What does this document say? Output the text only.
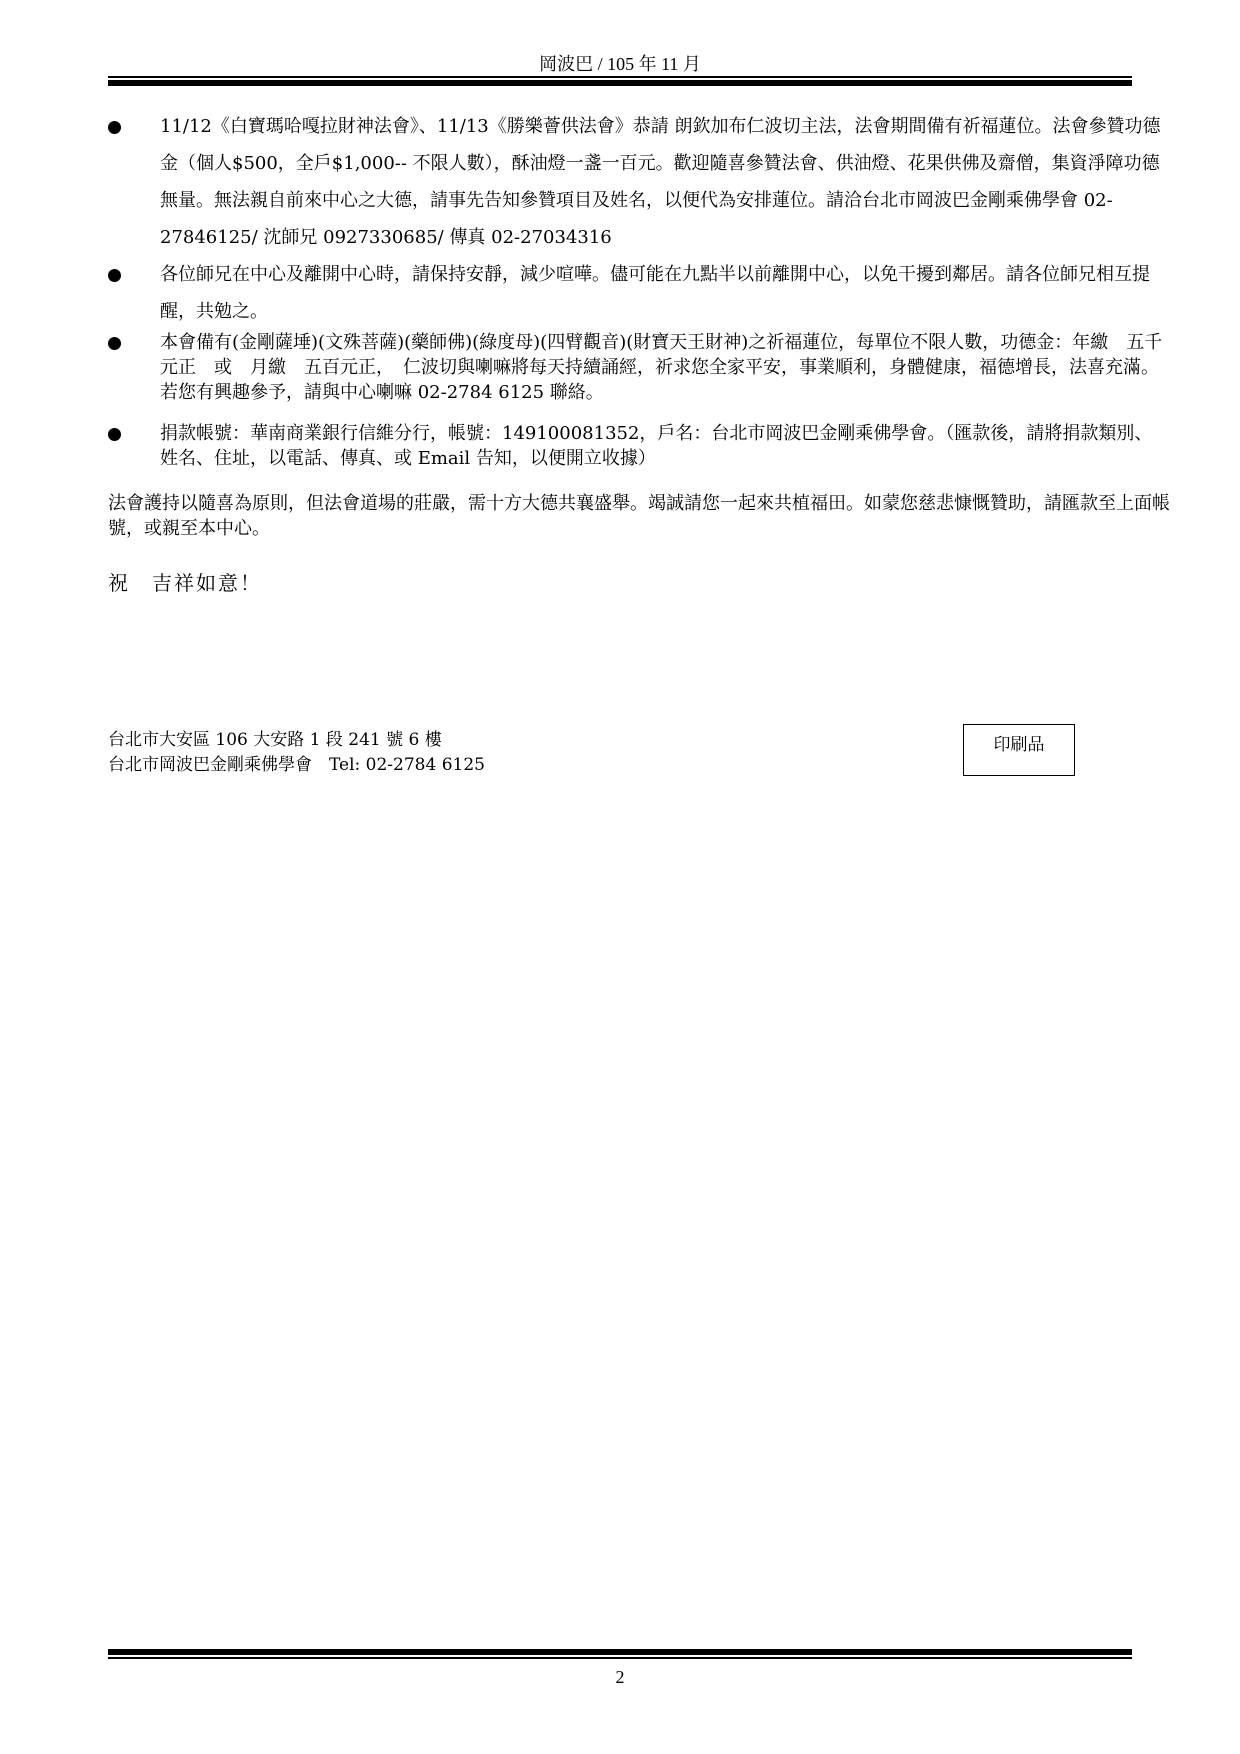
岡波巴 / 105 年 11 月
11/12《白寶瑪哈嘎拉財神法會》、11/13《勝樂薈供法會》恭請 朗欽加布仁波切主法，法會期間備有祈福蓮位。法會參贊功德金（個人$500，全戶$1,000-- 不限人數），酥油燈一盞一百元。歡迎隨喜參贊法會、供油燈、花果供佛及齋僧，集資淨障功德無量。無法親自前來中心之大德，請事先告知參贊項目及姓名，以便代為安排蓮位。請洽台北市岡波巴金剛乘佛學會 02-27846125/ 沈師兄 0927330685/ 傳真 02-27034316
各位師兄在中心及離開中心時，請保持安靜，減少喧嘩。儘可能在九點半以前離開中心，以免干擾到鄰居。請各位師兄相互提醒，共勉之。
本會備有(金剛薩埵)(文殊菩薩)(藥師佛)(綠度母)(四臂觀音)(財寶天王財神)之祈福蓮位，每單位不限人數，功德金：年繳　五千元正　或　月繳　五百元正，　仁波切與喇嘛將每天持續誦經，祈求您全家平安，事業順利，身體健康，福德增長，法喜充滿。若您有興趣參予，請與中心喇嘛 02-2784 6125 聯絡。
捐款帳號：華南商業銀行信維分行，帳號：149100081352，戶名：台北市岡波巴金剛乘佛學會。（匯款後，請將捐款類別、姓名、住址，以電話、傳真、或 Email 告知，以便開立收據）
法會護持以隨喜為原則，但法會道場的莊嚴，需十方大德共襄盛舉。竭誠請您一起來共植福田。如蒙您慈悲慷慨贊助，請匯款至上面帳號，或親至本中心。
祝 吉祥如意！
台北市大安區 106 大安路 1 段 241 號 6 樓
台北市岡波巴金剛乘佛學會　Tel: 02-2784 6125
印刷品
2
